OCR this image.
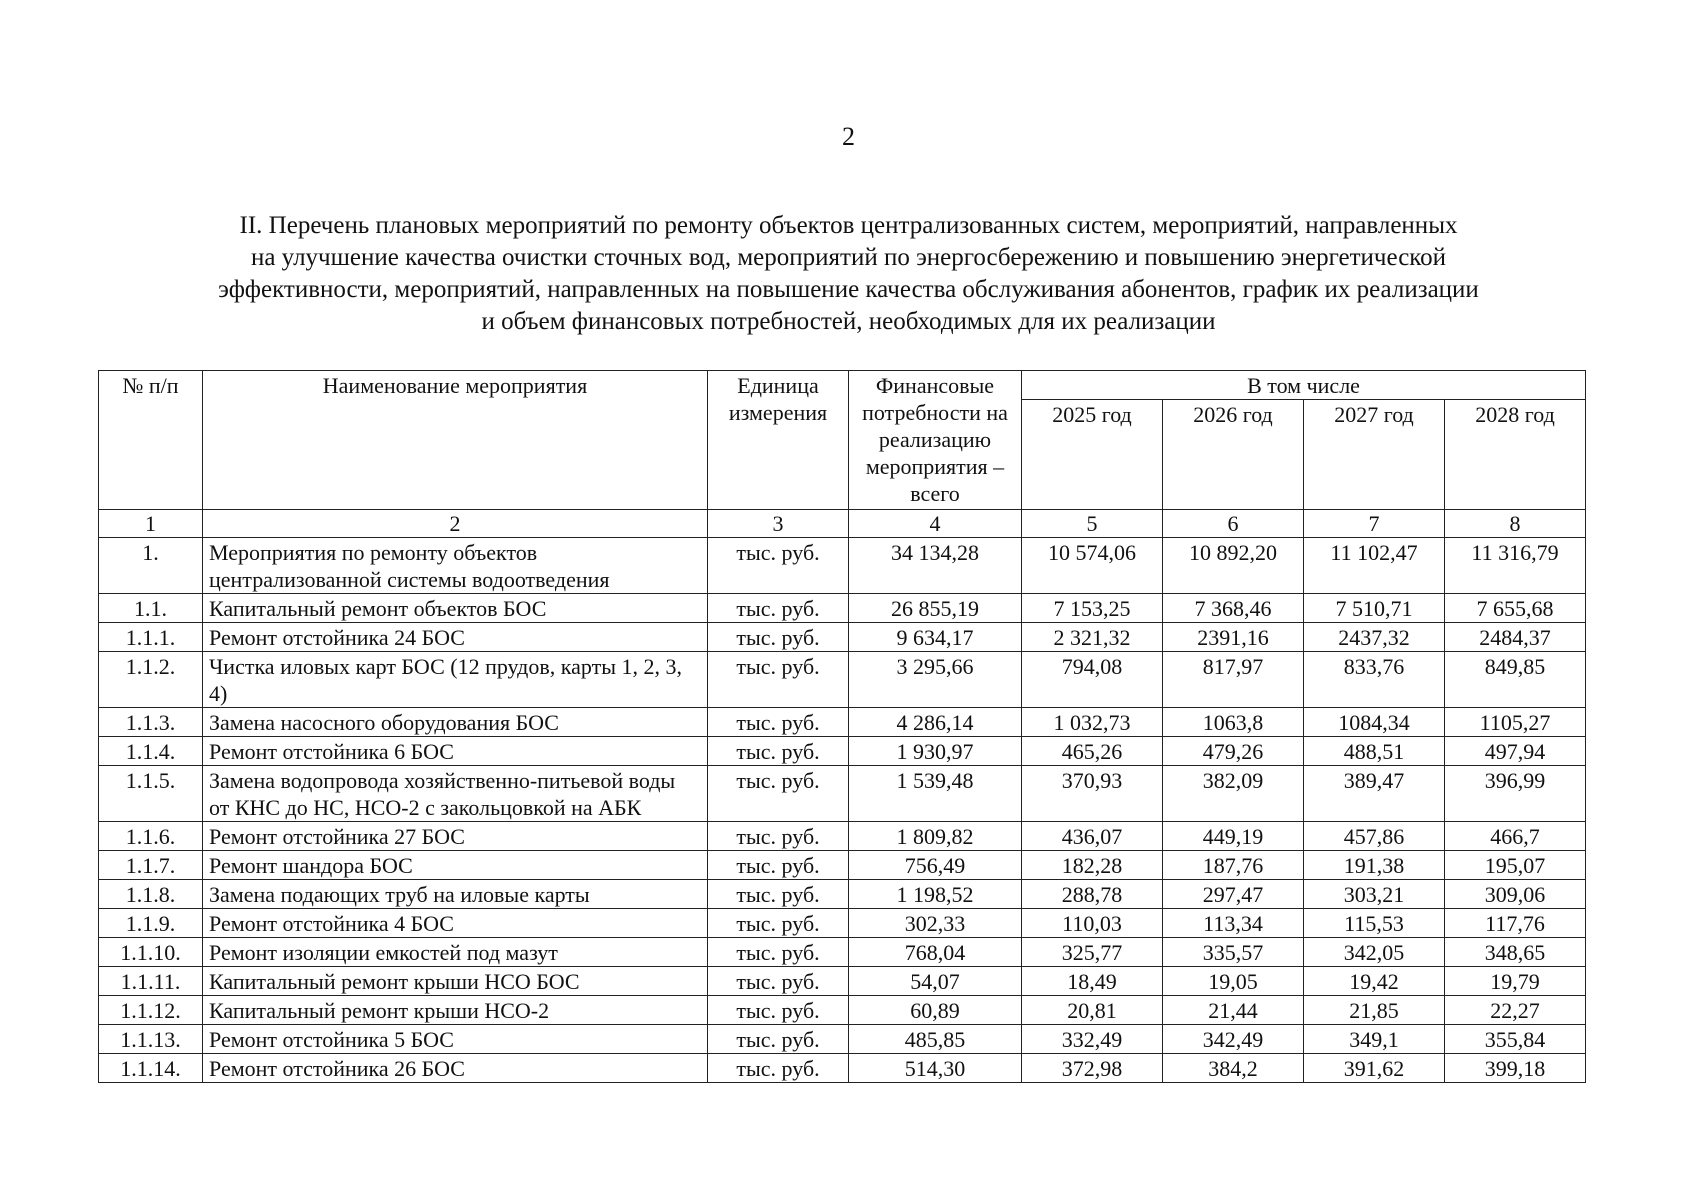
2
II. Перечень плановых мероприятий по ремонту объектов централизованных систем, мероприятий, направленных
на улучшение качества очистки сточных вод, мероприятий по энергосбережению и повышению энергетической
эффективности, мероприятий, направленных на повышение качества обслуживания абонентов, график их реализации
и объем финансовых потребностей, необходимых для их реализации
№ п/п	Наименование мероприятия	Единица измерения	Финансовые потребности на реализацию мероприятия – всего	В том числе			
				2025 год	2026 год	2027 год	2028 год
1	2	3	4	5	6	7	8
1.	Мероприятия по ремонту объектов централизованной системы водоотведения	тыс. руб.	34 134,28	10 574,06	10 892,20	11 102,47	11 316,79
1.1.	Капитальный ремонт объектов БОС	тыс. руб.	26 855,19	7 153,25	7 368,46	7 510,71	7 655,68
1.1.1.	Ремонт отстойника 24 БОС	тыс. руб.	9 634,17	2 321,32	2391,16	2437,32	2484,37
1.1.2.	Чистка иловых карт БОС (12 прудов, карты 1, 2, 3, 4)	тыс. руб.	3 295,66	794,08	817,97	833,76	849,85
1.1.3.	Замена насосного оборудования БОС	тыс. руб.	4 286,14	1 032,73	1063,8	1084,34	1105,27
1.1.4.	Ремонт отстойника 6 БОС	тыс. руб.	1 930,97	465,26	479,26	488,51	497,94
1.1.5.	Замена водопровода хозяйственно-питьевой воды от КНС до НС, НСО-2 с закольцовкой на АБК	тыс. руб.	1 539,48	370,93	382,09	389,47	396,99
1.1.6.	Ремонт отстойника 27 БОС	тыс. руб.	1 809,82	436,07	449,19	457,86	466,7
1.1.7.	Ремонт шандора БОС	тыс. руб.	756,49	182,28	187,76	191,38	195,07
1.1.8.	Замена подающих труб на иловые карты	тыс. руб.	1 198,52	288,78	297,47	303,21	309,06
1.1.9.	Ремонт отстойника 4 БОС	тыс. руб.	302,33	110,03	113,34	115,53	117,76
1.1.10.	Ремонт изоляции емкостей под мазут	тыс. руб.	768,04	325,77	335,57	342,05	348,65
1.1.11.	Капитальный ремонт крыши НСО БОС	тыс. руб.	54,07	18,49	19,05	19,42	19,79
1.1.12.	Капитальный ремонт крыши НСО-2	тыс. руб.	60,89	20,81	21,44	21,85	22,27
1.1.13.	Ремонт отстойника 5 БОС	тыс. руб.	485,85	332,49	342,49	349,1	355,84
1.1.14.	Ремонт отстойника 26 БОС	тыс. руб.	514,30	372,98	384,2	391,62	399,18
